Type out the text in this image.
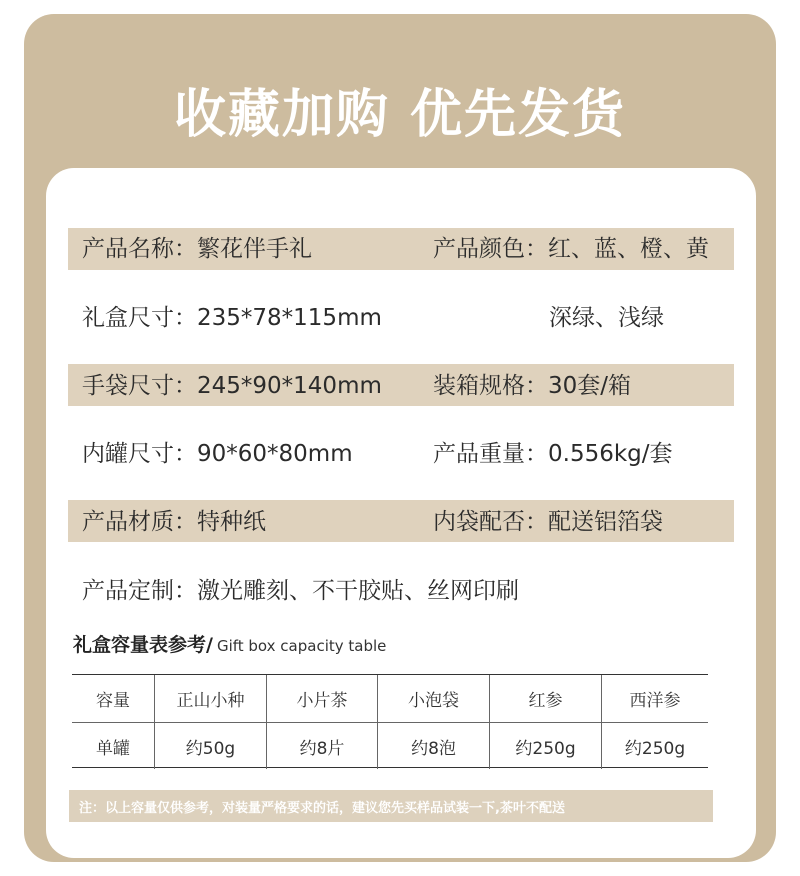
收藏加购 优先发货
产品名称：繁花伴手礼	产品颜色：红、蓝、橙、黄
礼盒尺寸：235*78*115mm	深绿、浅绿
手袋尺寸：245*90*140mm 装箱规格：30套/箱
内罐尺寸：90*60*80mm	产品重量：0.556kg/套
产品材质：特种纸	内袋配否：配送铝箔袋
产品定制：激光雕刻、不干胶贴、丝网印刷
礼盒容量表参考/ Gift box capacity table
容量	正山小种	小片茶	小泡袋	红参	西洋参
单罐	约50g	约8片	约8泡	约250g	约250g
注：以上容量仅供参考，对装量严格要求的话，建议您先买样品试装一下,茶叶不配送
